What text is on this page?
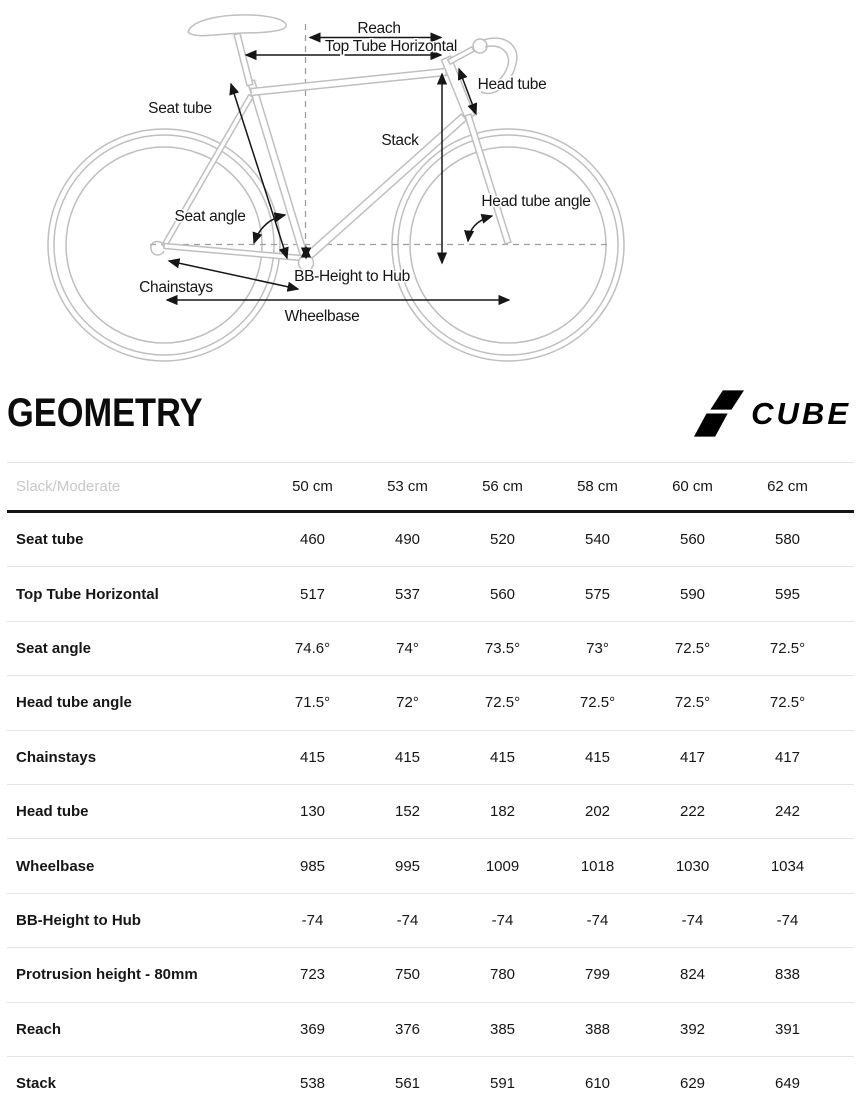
Reach
Top Tube Horizontal
Seat tube
Head tube
Stack
Seat angle
Head tube angle
BB-Height to Hub
Chainstays
Wheelbase
GEOMETRY	CUBE
Slack/Moderate	50 cm	53 cm	56 cm	58 cm	60 cm	62 cm
Seat tube	460	490	520	540	560	580
Top Tube Horizontal	517	537	560	575	590	595
Seat angle	74.6°	74°	73.5°	73°	72.5°	72.5°
Head tube angle	71.5°	72°	72.5°	72.5°	72.5°	72.5°
Chainstays	415	415	415	415	417	417
Head tube	130	152	182	202	222	242
Wheelbase	985	995	1009	1018	1030	1034
BB-Height to Hub	-74	-74	-74	-74	-74	-74
Protrusion height - 80mm	723	750	780	799	824	838
Reach	369	376	385	388	392	391
Stack	538	561	591	610	629	649
